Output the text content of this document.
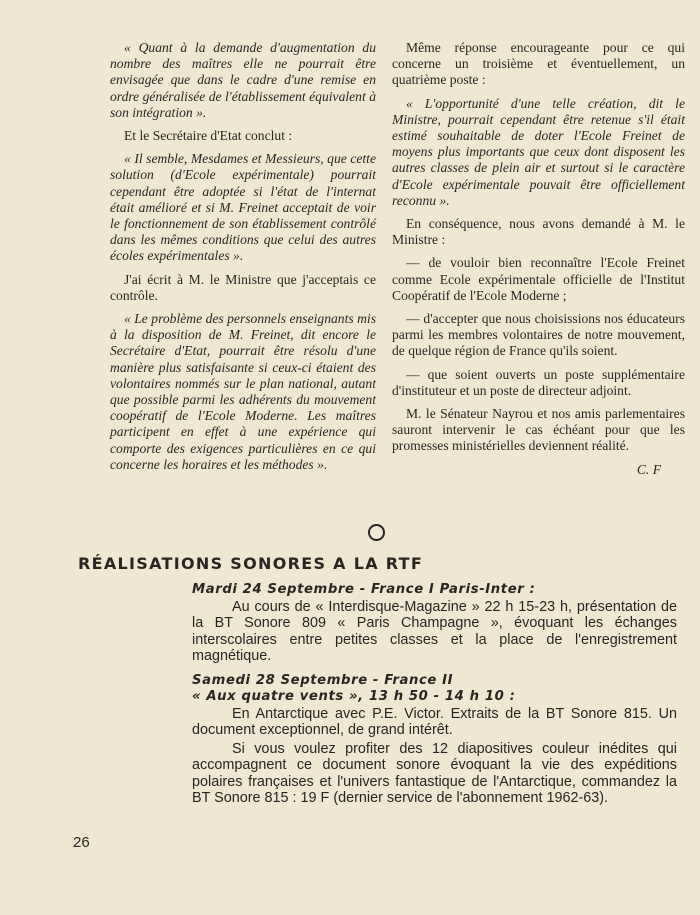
« Quant à la demande d'augmentation du nombre des maîtres elle ne pourrait être envisagée que dans le cadre d'une remise en ordre généralisée de l'établissement équivalent à son intégration ».

Et le Secrétaire d'Etat conclut :

« Il semble, Mesdames et Messieurs, que cette solution (d'Ecole expérimentale) pourrait cependant être adoptée si l'état de l'internat était amélioré et si M. Freinet acceptait de voir le fonctionnement de son établissement contrôlé dans les mêmes conditions que celui des autres écoles expérimentales ».

J'ai écrit à M. le Ministre que j'acceptais ce contrôle.

« Le problème des personnels enseignants mis à la disposition de M. Freinet, dit encore le Secrétaire d'Etat, pourrait être résolu d'une manière plus satisfaisante si ceux-ci étaient des volontaires nommés sur le plan national, autant que possible parmi les adhérents du mouvement coopératif de l'Ecole Moderne. Les maîtres participent en effet à une expérience qui comporte des exigences particulières en ce qui concerne les horaires et les méthodes ».

Même réponse encourageante pour ce qui concerne un troisième et éventuellement, un quatrième poste :

« L'opportunité d'une telle création, dit le Ministre, pourrait cependant être retenue s'il était estimé souhaitable de doter l'Ecole Freinet de moyens plus importants que ceux dont disposent les autres classes de plein air et surtout si le caractère d'Ecole expérimentale pouvait être officiellement reconnu ».

En conséquence, nous avons demandé à M. le Ministre :

— de vouloir bien reconnaître l'Ecole Freinet comme Ecole expérimentale officielle de l'Institut Coopératif de l'Ecole Moderne ;

— d'accepter que nous choisissions nos éducateurs parmi les membres volontaires de notre mouvement, de quelque région de France qu'ils soient.

— que soient ouverts un poste supplémentaire d'instituteur et un poste de directeur adjoint.

M. le Sénateur Nayrou et nos amis parlementaires sauront intervenir le cas échéant pour que les promesses ministérielles deviennent réalité.

C. F

RÉALISATIONS SONORES A LA RTF

Mardi 24 Septembre - France I Paris-Inter :

Au cours de « Interdisque-Magazine » 22 h 15-23 h, présentation de la BT Sonore 809 « Paris Champagne », évoquant les échanges interscolaires entre petites classes et la place de l'enregistrement magnétique.

Samedi 28 Septembre - France II

« Aux quatre vents », 13 h 50 - 14 h 10 :

En Antarctique avec P.E. Victor. Extraits de la BT Sonore 815. Un document exceptionnel, de grand intérêt.

Si vous voulez profiter des 12 diapositives couleur inédites qui accompagnent ce document sonore évoquant la vie des expéditions polaires françaises et l'univers fantastique de l'Antarctique, commandez la BT Sonore 815 : 19 F (dernier service de l'abonnement 1962-63).

26
